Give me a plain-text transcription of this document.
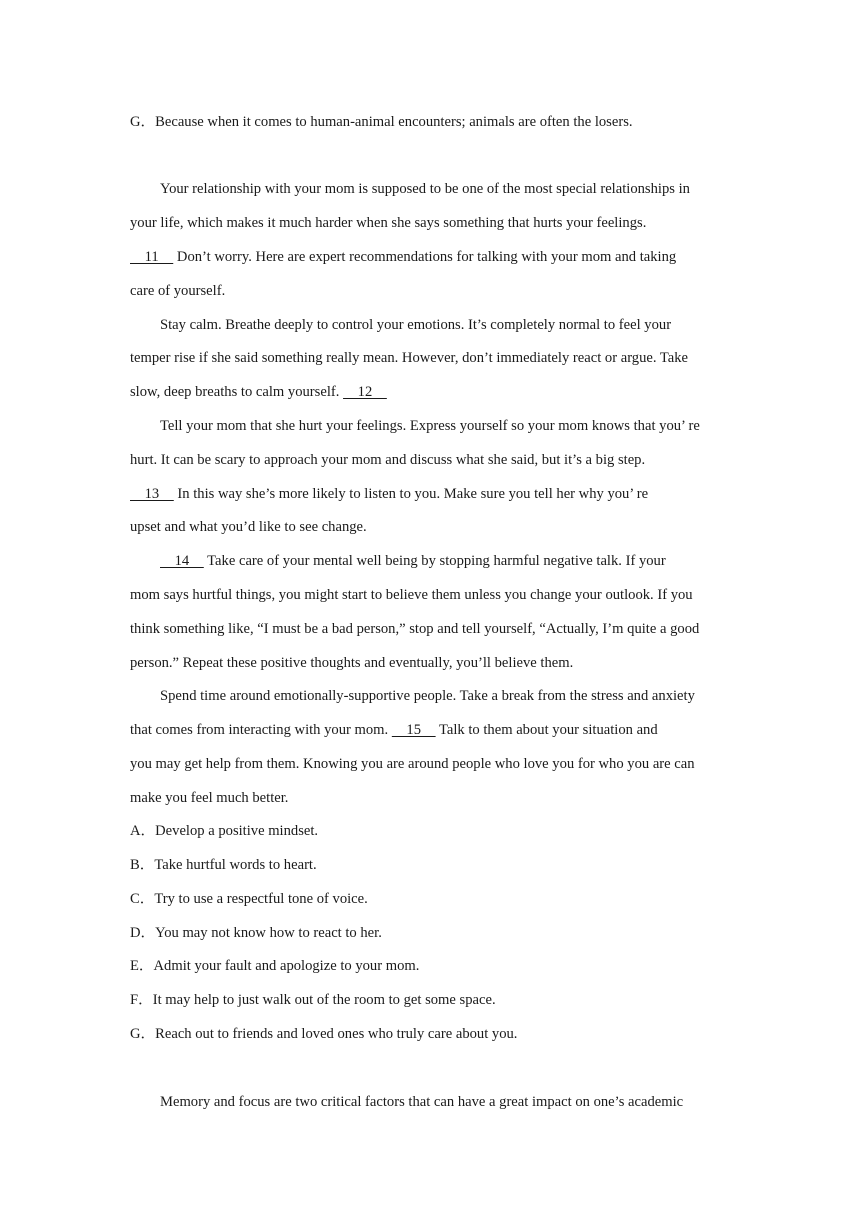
G．Because when it comes to human-animal encounters; animals are often the losers.
Your relationship with your mom is supposed to be one of the most special relationships in
your life, which makes it much harder when she says something that hurts your feelings.
11     Don’t worry. Here are expert recommendations for talking with your mom and taking
care of yourself.
Stay calm. Breathe deeply to control your emotions. It’s completely normal to feel your
temper rise if she said something really mean. However, don’t immediately react or argue. Take
slow, deep breaths to calm yourself.     12
Tell your mom that she hurt your feelings. Express yourself so your mom knows that you’ re
hurt. It can be scary to approach your mom and discuss what she said, but it’s a big step.
13     In this way she’s more likely to listen to you. Make sure you tell her why you’ re
upset and what you’d like to see change.
14     Take care of your mental well being by stopping harmful negative talk. If your
mom says hurtful things, you might start to believe them unless you change your outlook. If you
think something like, “I must be a bad person,” stop and tell yourself, “Actually, I’m quite a good
person.” Repeat these positive thoughts and eventually, you’ll believe them.
Spend time around emotionally-supportive people. Take a break from the stress and anxiety
that comes from interacting with your mom.     15     Talk to them about your situation and
you may get help from them. Knowing you are around people who love you for who you are can
make you feel much better.
A．Develop a positive mindset.
B．Take hurtful words to heart.
C．Try to use a respectful tone of voice.
D．You may not know how to react to her.
E．Admit your fault and apologize to your mom.
F．It may help to just walk out of the room to get some space.
G．Reach out to friends and loved ones who truly care about you.
Memory and focus are two critical factors that can have a great impact on one’s academic
